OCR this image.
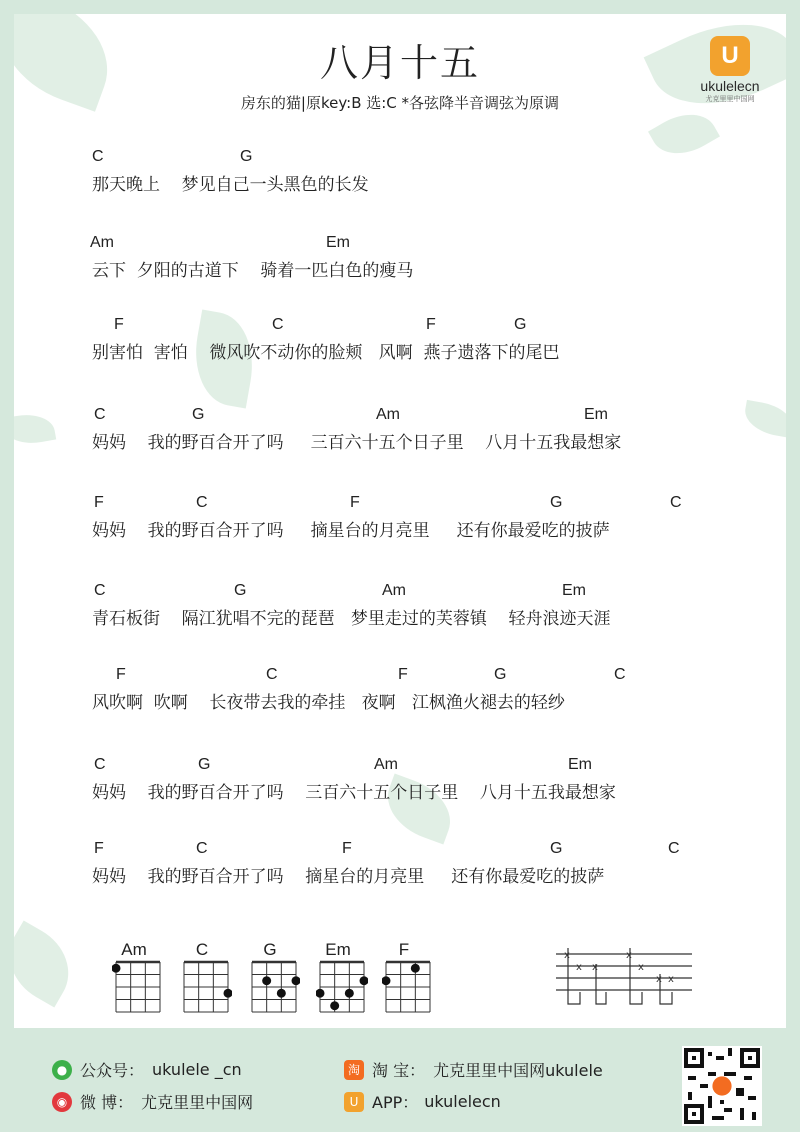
八月十五
房东的猫|原key:B 选:C *各弦降半音调弦为原调
U
ukulelecn
尤克里里中国网
C	G
那天晚上    梦见自己一头黑色的长发
Am	Em
云下  夕阳的古道下    骑着一匹白色的瘦马
F	C	F	G
别害怕  害怕    微风吹不动你的脸颊   风啊  燕子遗落下的尾巴
C	G	Am	Em
妈妈    我的野百合开了吗     三百六十五个日子里    八月十五我最想家
F	C	F	G	C
妈妈    我的野百合开了吗     摘星台的月亮里     还有你最爱吃的披萨
C	G	Am	Em
青石板街    隔江犹唱不完的琵琶   梦里走过的芙蓉镇    轻舟浪迹天涯
F	C	F	G	C
风吹啊  吹啊    长夜带去我的牵挂   夜啊   江枫渔火褪去的轻纱
C	G	Am	Em
妈妈    我的野百合开了吗    三百六十五个日子里    八月十五我最想家
F	C	F	G	C
妈妈    我的野百合开了吗    摘星台的月亮里     还有你最爱吃的披萨
Am	C	G	Em	F	x
x x
x
x
x x
● 公众号： ukulele _cn
◉ 微 博： 尤克里里中国网
淘 淘 宝： 尤克里里中国网ukulele
U APP： ukulelecn
